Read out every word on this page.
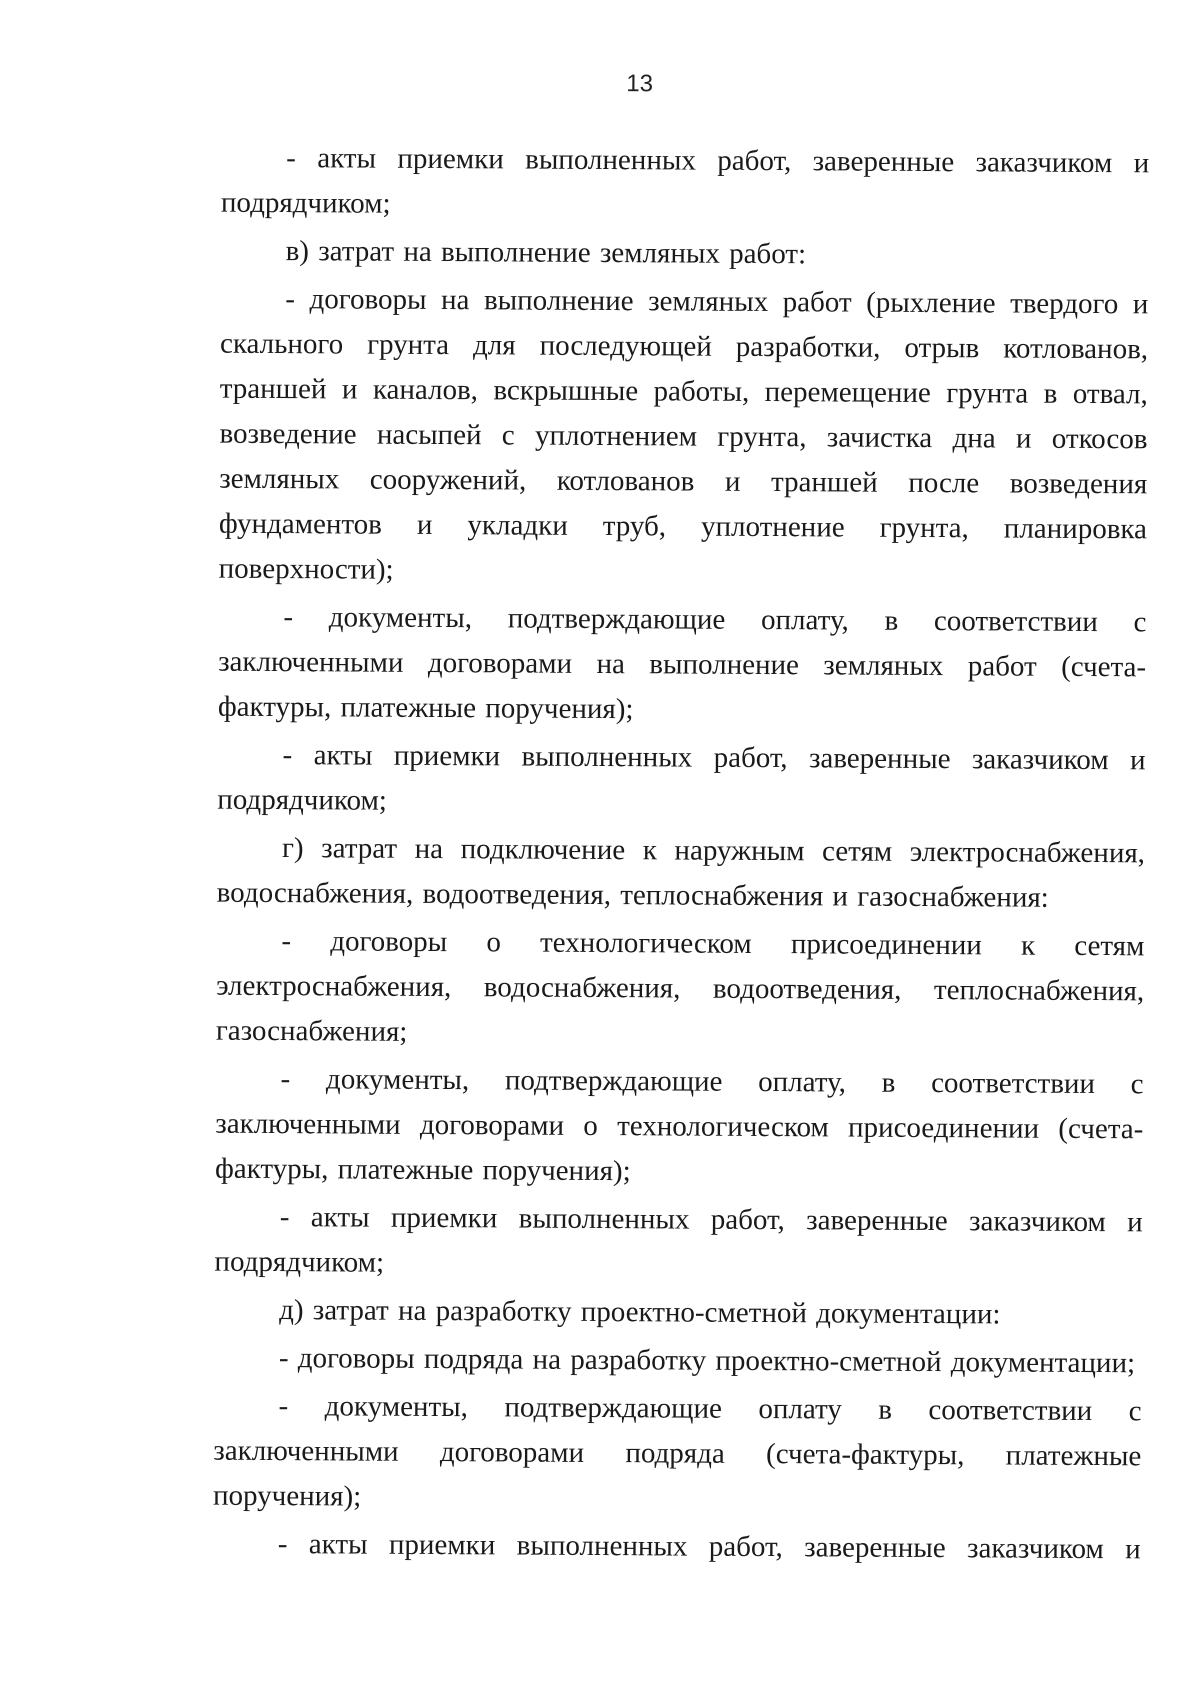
13

- акты приемки выполненных работ, заверенные заказчиком и подрядчиком;

в) затрат на выполнение земляных работ:

- договоры на выполнение земляных работ (рыхление твердого и скального грунта для последующей разработки, отрыв котлованов, траншей и каналов, вскрышные работы, перемещение грунта в отвал, возведение насыпей с уплотнением грунта, зачистка дна и откосов земляных сооружений, котлованов и траншей после возведения фундаментов и укладки труб, уплотнение грунта, планировка поверхности);

- документы, подтверждающие оплату, в соответствии с заключенными договорами на выполнение земляных работ (счета-фактуры, платежные поручения);

- акты приемки выполненных работ, заверенные заказчиком и подрядчиком;

г) затрат на подключение к наружным сетям электроснабжения, водоснабжения, водоотведения, теплоснабжения и газоснабжения:

- договоры о технологическом присоединении к сетям электроснабжения, водоснабжения, водоотведения, теплоснабжения, газоснабжения;

- документы, подтверждающие оплату, в соответствии с заключенными договорами о технологическом присоединении (счета-фактуры, платежные поручения);

- акты приемки выполненных работ, заверенные заказчиком и подрядчиком;

д) затрат на разработку проектно-сметной документации:

- договоры подряда на разработку проектно-сметной документации;

- документы, подтверждающие оплату в соответствии с заключенными договорами подряда (счета-фактуры, платежные поручения);

- акты приемки выполненных работ, заверенные заказчиком и
